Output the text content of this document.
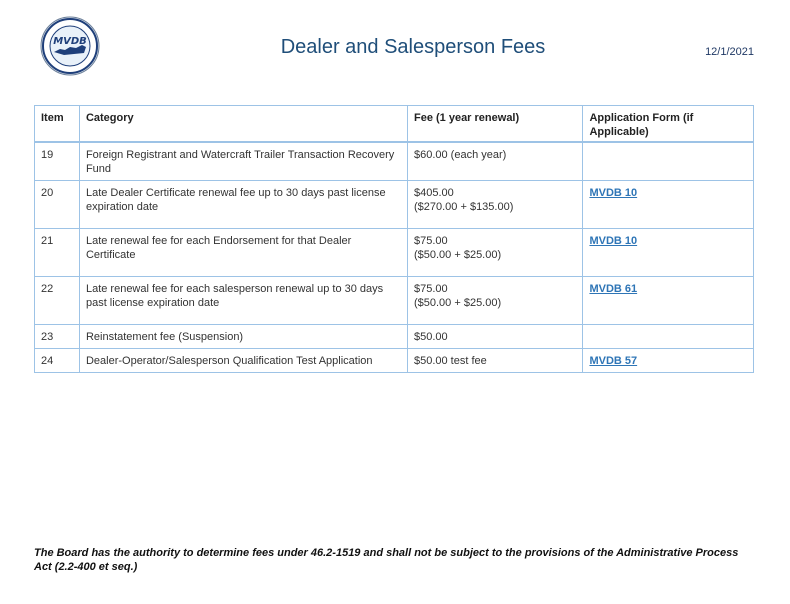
MVDB	Dealer and Salesperson Fees	12/1/2021
Item	Category	Fee (1 year renewal)	Application Form (if Applicable)
19	Foreign Registrant and Watercraft Trailer Transaction Recovery Fund	$60.00 (each year)	

20	Late Dealer Certificate renewal fee up to 30 days past license expiration date	$405.00
($270.00 + $135.00)	MVDB 10
21	Late renewal fee for each Endorsement for that Dealer Certificate	$75.00
($50.00 + $25.00)	MVDB 10
22	Late renewal fee for each salesperson renewal up to 30 days past license expiration date	$75.00
($50.00 + $25.00)	MVDB 61
23	Reinstatement fee (Suspension)	$50.00	

24	Dealer-Operator/Salesperson Qualification Test Application	$50.00 test fee	MVDB 57
The Board has the authority to determine fees under 46.2-1519 and shall not be subject to the provisions of the Administrative Process Act (2.2-400 et seq.)
